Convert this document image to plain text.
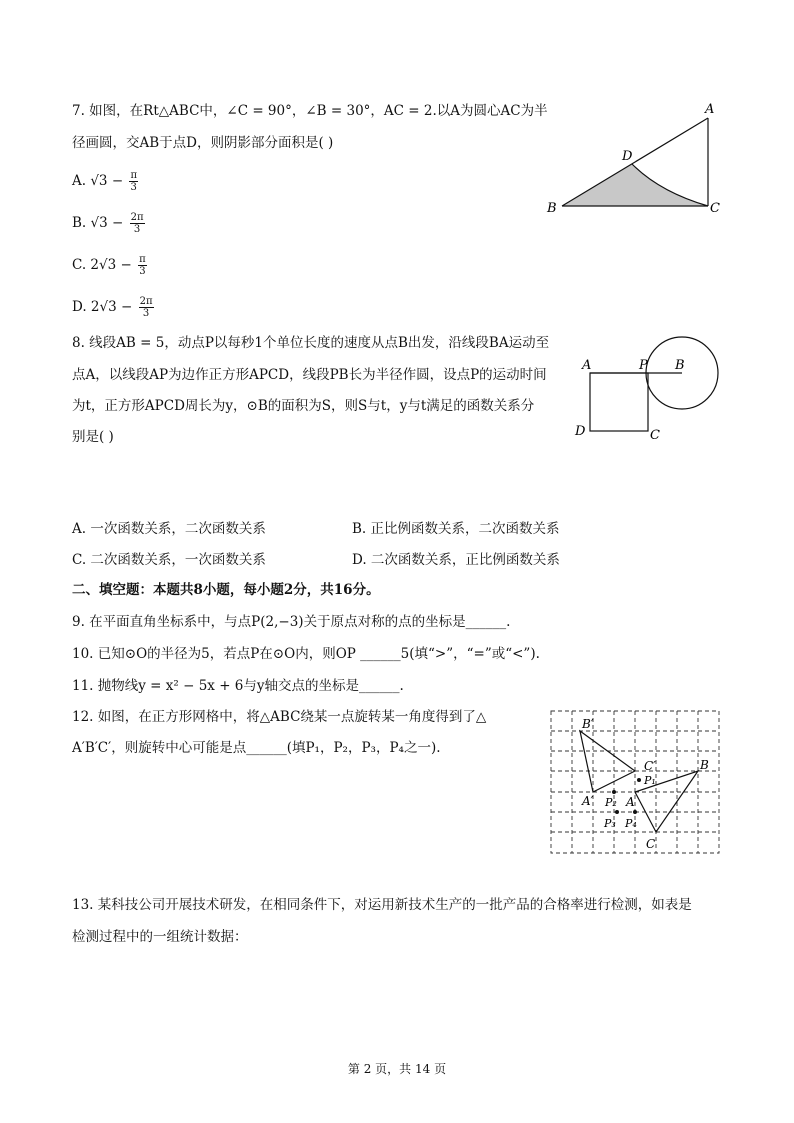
7. 如图，在Rt△ABC中，∠C = 90°，∠B = 30°，AC = 2.以A为圆心AC为半
径画圆，交AB于点D，则阴影部分面积是( )
A. $√3 - \frac{\pi}{3}$
B. $√3 - \frac{2\pi}{3}$
C. $2√3 - \frac{\pi}{3}$
D. $2√3 - \frac{2\pi}{3}$
A
D
B	C
8. 线段AB = 5，动点P以每秒1个单位长度的速度从点B出发，沿线段BA运动至
点A，以线段AP为边作正方形APCD，线段PB长为半径作圆，设点P的运动时间
为t，正方形APCD周长为y，⊙B的面积为S，则S与t，y与t满足的函数关系分
别是( )
A	P B
D	C
A. 一次函数关系，二次函数关系	B. 正比例函数关系，二次函数关系
C. 二次函数关系，一次函数关系	D. 二次函数关系，正比例函数关系
二、填空题：本题共8小题，每小题2分，共16分。
9. 在平面直角坐标系中，与点P(2,−3)关于原点对称的点的坐标是______.
10. 已知⊙O的半径为5，若点P在⊙O内，则OP ______5(填“>”，“=”或“<”).
11. 抛物线y = x² − 5x + 6与y轴交点的坐标是______.
12. 如图，在正方形网格中，将△ABC绕某一点旋转某一角度得到了△
A′B′C′，则旋转中心可能是点______(填P₁，P₂，P₃，P₄之一).
B′
C′
A′
B
A
C
P₁
P₂
P₃ P₄
13. 某科技公司开展技术研发，在相同条件下，对运用新技术生产的一批产品的合格率进行检测，如表是
检测过程中的一组统计数据：
第 2 页，共 14 页
